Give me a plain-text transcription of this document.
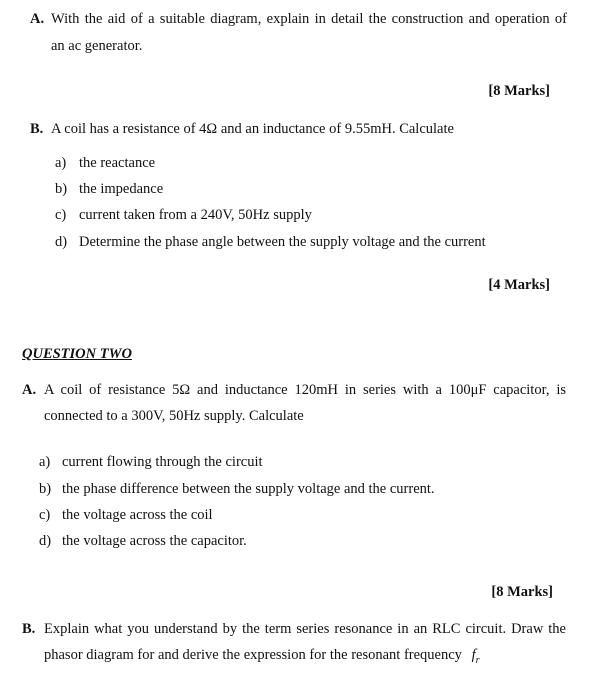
A. With the aid of a suitable diagram, explain in detail the construction and operation of
an ac generator.
[8 Marks]
B. A coil has a resistance of 4Ω and an inductance of 9.55mH. Calculate
a) the reactance
b) the impedance
c) current taken from a 240V, 50Hz supply
d) Determine the phase angle between the supply voltage and the current
[4 Marks]
QUESTION TWO
A. A coil of resistance 5Ω and inductance 120mH in series with a 100μF capacitor, is
connected to a 300V, 50Hz supply. Calculate
a) current flowing through the circuit
b) the phase difference between the supply voltage and the current.
c) the voltage across the coil
d) the voltage across the capacitor.
[8 Marks]
B. Explain what you understand by the term series resonance in an RLC circuit. Draw the
phasor diagram for and derive the expression for the resonant frequency $f_r$
